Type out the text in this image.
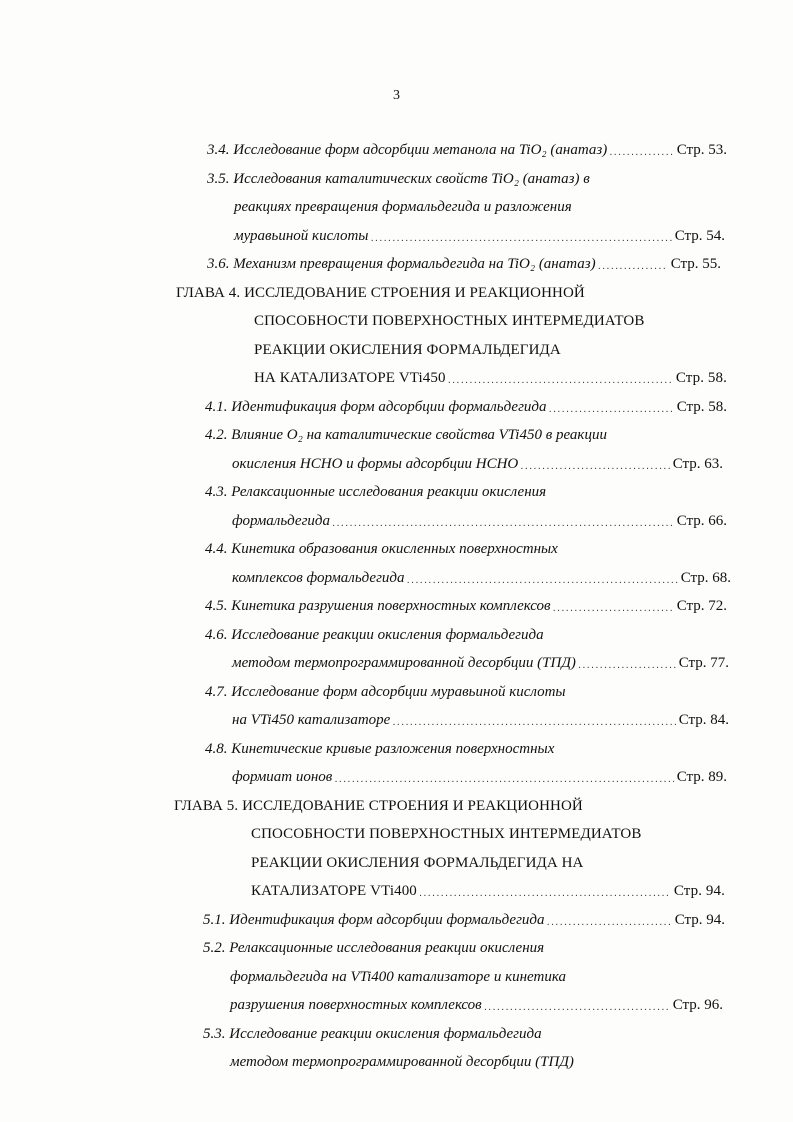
3
3.4.
Исследование форм адсорбции метанола на TiO₂ (анатаз) ·····	Стр. 53.
3.5.
Исследования каталитических свойств TiO₂ (анатаз) в
реакциях превращения формальдегида и разложения
муравьиной кислоты ·····	Стр. 54.
3.6.
Механизм превращения формальдегида на TiO₂ (анатаз) ·····	Стр. 55.
ГЛАВА 4.
ИССЛЕДОВАНИЕ СТРОЕНИЯ И РЕАКЦИОННОЙ
СПОСОБНОСТИ ПОВЕРХНОСТНЫХ ИНТЕРМЕДИАТОВ
РЕАКЦИИ ОКИСЛЕНИЯ ФОРМАЛЬДЕГИДА
НА КАТАЛИЗАТОРЕ VTi450 ·····	Стр. 58.
4.1.
Идентификация форм адсорбции формальдегида ·····	Стр. 58.
4.2.
Влияние O₂ на каталитические свойства VTi450 в реакции
окисления HCHO и формы адсорбции HCHO ·····	Стр. 63.
4.3.
Релаксационные исследования реакции окисления
формальдегида ·····	Стр. 66.
4.4.
Кинетика образования окисленных поверхностных
комплексов формальдегида ·····	Стр. 68.
4.5.
Кинетика разрушения поверхностных комплексов ·····	Стр. 72.
4.6.
Исследование реакции окисления формальдегида
методом термопрограммированной десорбции (ТПД) ·····	Стр. 77.
4.7.
Исследование форм адсорбции муравьиной кислоты
на VTi450 катализаторе ·····	Стр. 84.
4.8.
Кинетические кривые разложения поверхностных
формиат ионов ·····	Стр. 89.
ГЛАВА 5.
ИССЛЕДОВАНИЕ СТРОЕНИЯ И РЕАКЦИОННОЙ
СПОСОБНОСТИ ПОВЕРХНОСТНЫХ ИНТЕРМЕДИАТОВ
РЕАКЦИИ ОКИСЛЕНИЯ ФОРМАЛЬДЕГИДА НА
КАТАЛИЗАТОРЕ VTi400 ·····	Стр. 94.
5.1.
Идентификация форм адсорбции формальдегида ·····	Стр. 94.
5.2.
Релаксационные исследования реакции окисления
формальдегида на VTi400 катализаторе и кинетика
разрушения поверхностных комплексов ·····	Стр. 96.
5.3.
Исследование реакции окисления формальдегида
методом термопрограммированной десорбции (ТПД)
